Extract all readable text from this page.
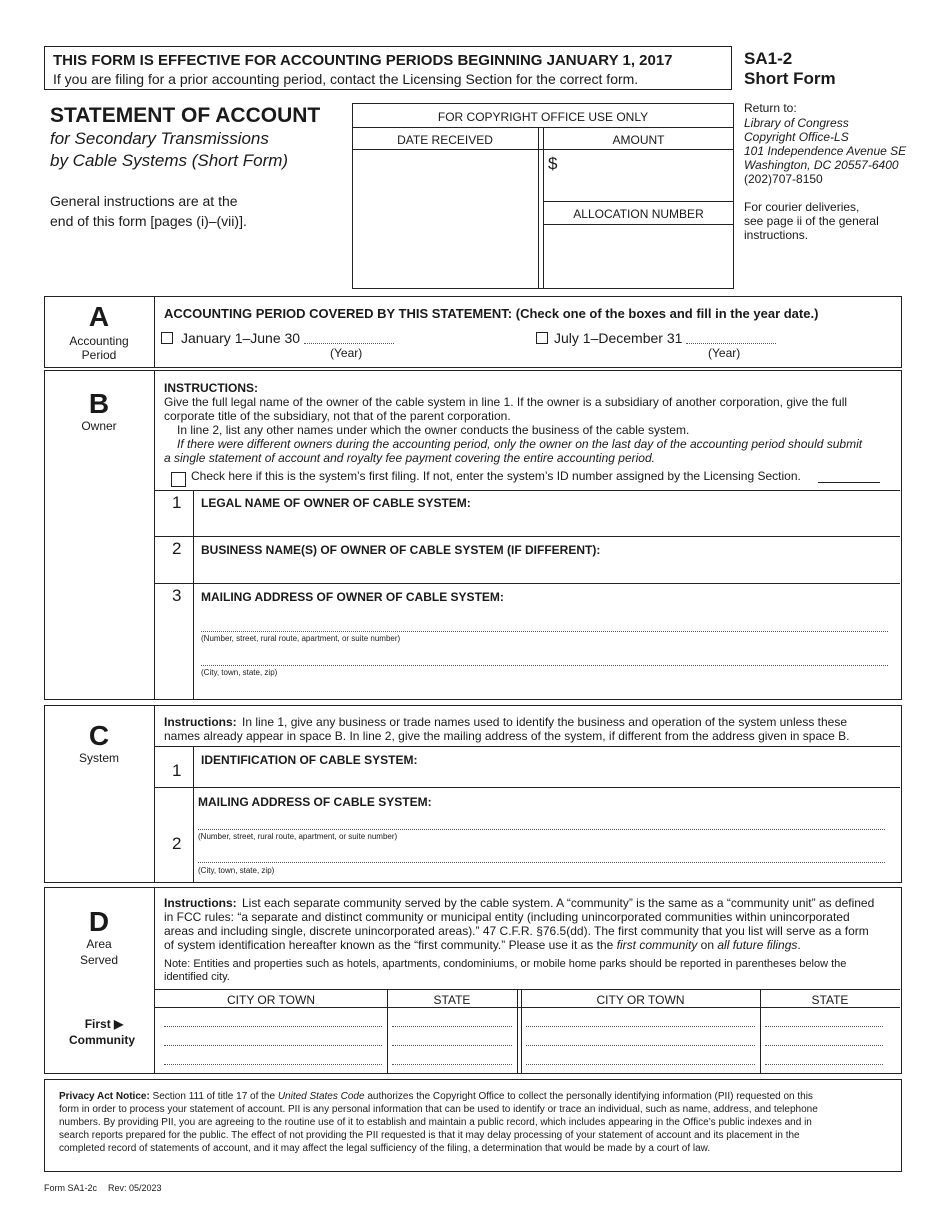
THIS FORM IS EFFECTIVE FOR ACCOUNTING PERIODS BEGINNING JANUARY 1, 2017
If you are filing for a prior accounting period, contact the Licensing Section for the correct form.
SA1-2
Short Form
STATEMENT OF ACCOUNT
for Secondary Transmissions
by Cable Systems (Short Form)
General instructions are at the
end of this form [pages (i)–(vii)].
FOR COPYRIGHT OFFICE USE ONLY
DATE RECEIVED	AMOUNT
$
ALLOCATION NUMBER
Return to:
Library of Congress
Copyright Office-LS
101 Independence Avenue SE
Washington, DC 20557-6400
(202)707-8150
For courier deliveries,
see page ii of the general
instructions.
A
Accounting
Period
ACCOUNTING PERIOD COVERED BY THIS STATEMENT: (Check one of the boxes and fill in the year date.)
January 1–June 30
(Year)
July 1–December 31
(Year)
B
Owner
INSTRUCTIONS:
Give the full legal name of the owner of the cable system in line 1. If the owner is a subsidiary of another corporation, give the full
corporate title of the subsidiary, not that of the parent corporation.
In line 2, list any other names under which the owner conducts the business of the cable system.
If there were different owners during the accounting period, only the owner on the last day of the accounting period should submit
a single statement of account and royalty fee payment covering the entire accounting period.
Check here if this is the system’s first filing. If not, enter the system’s ID number assigned by the Licensing Section.
1 LEGAL NAME OF OWNER OF CABLE SYSTEM:
2 BUSINESS NAME(S) OF OWNER OF CABLE SYSTEM (IF DIFFERENT):
3 MAILING ADDRESS OF OWNER OF CABLE SYSTEM:
(Number, street, rural route, apartment, or suite number)
(City, town, state, zip)
C
System
Instructions: In line 1, give any business or trade names used to identify the business and operation of the system unless these
names already appear in space B. In line 2, give the mailing address of the system, if different from the address given in space B.
1
IDENTIFICATION OF CABLE SYSTEM:
MAILING ADDRESS OF CABLE SYSTEM:
2 (Number, street, rural route, apartment, or suite number)
(City, town, state, zip)
D
Area
Served
Instructions: List each separate community served by the cable system. A “community” is the same as a “community unit” as defined
in FCC rules: “a separate and distinct community or municipal entity (including unincorporated communities within unincorporated
areas and including single, discrete unincorporated areas).” 47 C.F.R. §76.5(dd). The first community that you list will serve as a form
of system identification hereafter known as the “first community.” Please use it as the first community on all future filings.
Note: Entities and properties such as hotels, apartments, condominiums, or mobile home parks should be reported in parentheses below the
identified city.
CITY OR TOWN	STATE	CITY OR TOWN	STATE
First ▶
Community
Privacy Act Notice: Section 111 of title 17 of the United States Code authorizes the Copyright Office to collect the personally identifying information (PII) requested on this
form in order to process your statement of account. PII is any personal information that can be used to identify or trace an individual, such as name, address, and telephone
numbers. By providing PII, you are agreeing to the routine use of it to establish and maintain a public record, which includes appearing in the Office’s public indexes and in
search reports prepared for the public. The effect of not providing the PII requested is that it may delay processing of your statement of account and its placement in the
completed record of statements of account, and it may affect the legal sufficiency of the filing, a determination that would be made by a court of law.
Form SA1-2c Rev: 05/2023
